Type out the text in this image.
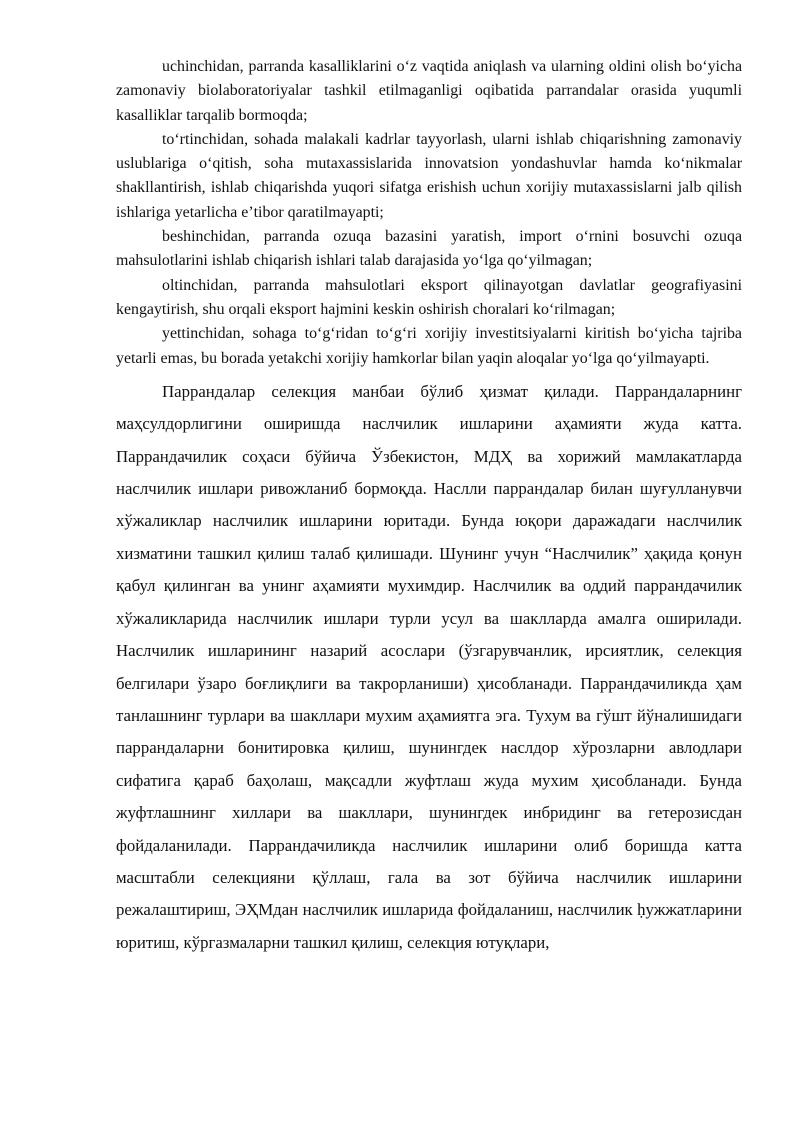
uchinchidan, parranda kasalliklarini oʻz vaqtida aniqlash va ularning oldini olish boʻyicha zamonaviy biolaboratoriyalar tashkil etilmaganligi oqibatida parrandalar orasida yuqumli kasalliklar tarqalib bormoqda;

toʻrtinchidan, sohada malakali kadrlar tayyorlash, ularni ishlab chiqarishning zamonaviy uslublariga oʻqitish, soha mutaxassislarida innovatsion yondashuvlar hamda koʻnikmalar shakllantirish, ishlab chiqarishda yuqori sifatga erishish uchun xorijiy mutaxassislarni jalb qilish ishlariga yetarlicha eʼtibor qaratilmayapti;

beshinchidan, parranda ozuqa bazasini yaratish, import oʻrnini bosuvchi ozuqa mahsulotlarini ishlab chiqarish ishlari talab darajasida yoʻlga qoʻyilmagan;

oltinchidan, parranda mahsulotlari eksport qilinayotgan davlatlar geografiyasini kengaytirish, shu orqali eksport hajmini keskin oshirish choralari koʻrilmagan;

yettinchidan, sohaga toʻgʻridan toʻgʻri xorijiy investitsiyalarni kiritish boʻyicha tajriba yetarli emas, bu borada yetakchi xorijiy hamkorlar bilan yaqin aloqalar yoʻlga qoʻyilmayapti.

Паррандалар селекция манбаи бўлиб ҳизмат қилади. Паррандаларнинг маҳсулдорлигини оширишда наслчилик ишларини аҳамияти жуда катта. Паррандачилик соҳаси бўйича Ўзбекистон, МДҲ ва хорижий мамлакатларда наслчилик ишлари ривожланиб бормоқда. Наслли паррандалар билан шуғулланувчи хўжаликлар наслчилик ишларини юритади. Бунда юқори даражадаги наслчилик хизматини ташкил қилиш талаб қилишади. Шунинг учун “Наслчилик” ҳақида қонун қабул қилинган ва унинг аҳамияти мухимдир. Наслчилик ва оддий паррандачилик хўжаликларида наслчилик ишлари турли усул ва шаклларда амалга оширилади. Наслчилик ишларининг назарий асослари (ўзгарувчанлик, ирсиятлик, селекция белгилари ўзаро боғлиқлиги ва такрорланиши) ҳисобланади. Паррандачиликда ҳам танлашнинг турлари ва шакллари мухим аҳамиятга эга. Тухум ва гўшт йўналишидаги паррандаларни бонитировка қилиш, шунингдек наслдор хўрозларни авлодлари сифатига қараб баҳолаш, мақсадли жуфтлаш жуда мухим ҳисобланади. Бунда жуфтлашнинг хиллари ва шакллари, шунингдек инбридинг ва гетерозисдан фойдаланилади. Паррандачиликда наслчилик ишларини олиб боришда катта масштабли селекцияни қўллаш, гала ва зот бўйича наслчилик ишларини режалаштириш, ЭҲМдан наслчилик ишларида фойдаланиш, наслчилик ḥужжатларини юритиш, кўргазмаларни ташкил қилиш, селекция ютуқлари,
